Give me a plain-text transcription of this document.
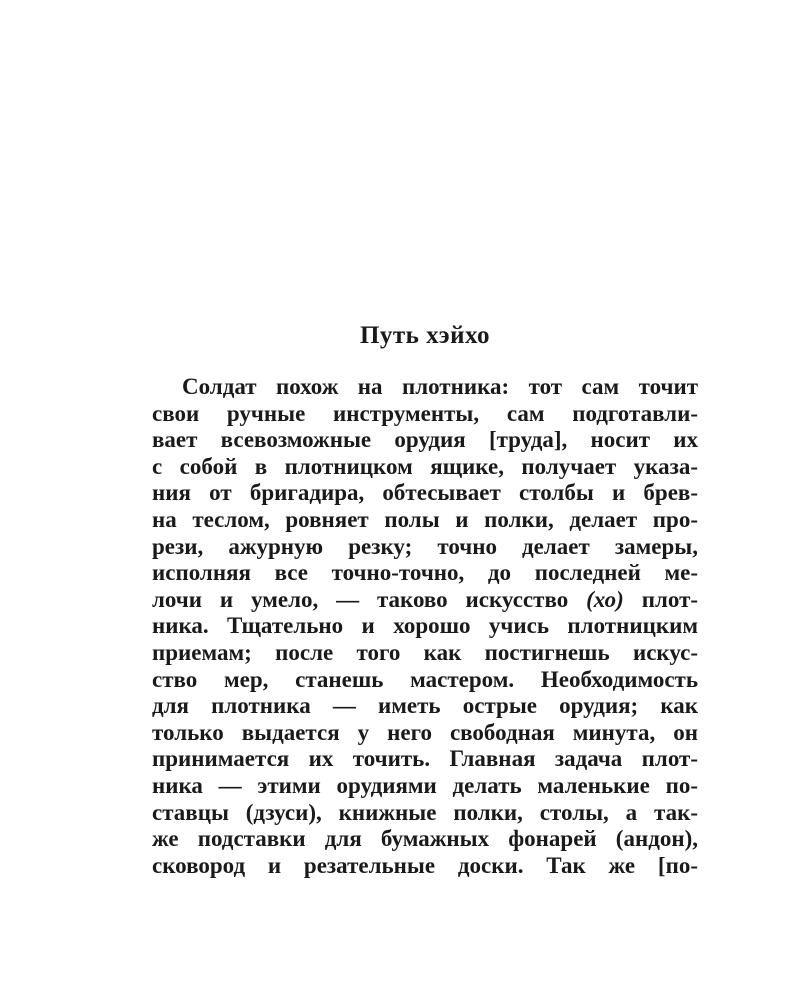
Путь хэйхо
Солдат похож на плотника: тот сам точит
свои ручные инструменты, сам подготавли-
вает всевозможные орудия [труда], носит их
с собой в плотницком ящике, получает указа-
ния от бригадира, обтесывает столбы и брев-
на теслом, ровняет полы и полки, делает про-
рези, ажурную резку; точно делает замеры,
исполняя все точно-точно, до последней ме-
лочи и умело, — таково искусство (хо) плот-
ника. Тщательно и хорошо учись плотницким
приемам; после того как постигнешь искус-
ство мер, станешь мастером. Необходимость
для плотника — иметь острые орудия; как
только выдается у него свободная минута, он
принимается их точить. Главная задача плот-
ника — этими орудиями делать маленькие по-
ставцы (дзуси), книжные полки, столы, а так-
же подставки для бумажных фонарей (андон),
сковород и резательные доски. Так же [по-
